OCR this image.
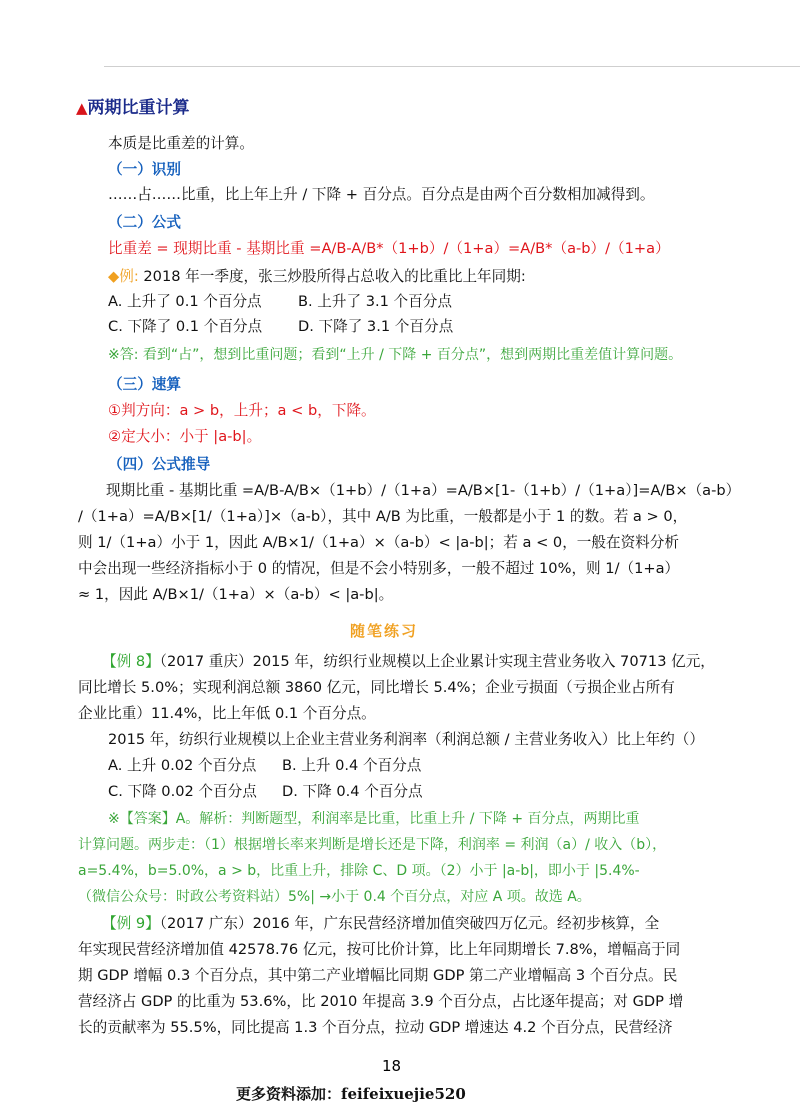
▲两期比重计算
本质是比重差的计算。
（一）识别
……占……比重，比上年上升 / 下降 + 百分点。百分点是由两个百分数相加减得到。
（二）公式
比重差 = 现期比重 - 基期比重 =A/B-A/B*（1+b）/（1+a）=A/B*（a-b）/（1+a）
◆例: 2018 年一季度，张三炒股所得占总收入的比重比上年同期:
A. 上升了 0.1 个百分点 B. 上升了 3.1 个百分点
C. 下降了 0.1 个百分点 D. 下降了 3.1 个百分点
※答: 看到“占”，想到比重问题；看到“上升 / 下降 + 百分点”，想到两期比重差值计算问题。
（三）速算
①判方向：a > b，上升；a < b，下降。
②定大小：小于 |a-b|。
（四）公式推导
现期比重 - 基期比重 =A/B-A/B×（1+b）/（1+a）=A/B×[1-（1+b）/（1+a）]=A/B×（a-b）
/（1+a）=A/B×[1/（1+a）]×（a-b），其中 A/B 为比重，一般都是小于 1 的数。若 a > 0，
则 1/（1+a）小于 1，因此 A/B×1/（1+a）×（a-b）< |a-b|；若 a < 0，一般在资料分析
中会出现一些经济指标小于 0 的情况，但是不会小特别多，一般不超过 10%，则 1/（1+a）
≈ 1，因此 A/B×1/（1+a）×（a-b）< |a-b|。
随笔练习
【例 8】（2017 重庆）2015 年，纺织行业规模以上企业累计实现主营业务收入 70713 亿元，
同比增长 5.0%；实现利润总额 3860 亿元，同比增长 5.4%；企业亏损面（亏损企业占所有
企业比重）11.4%，比上年低 0.1 个百分点。
2015 年，纺织行业规模以上企业主营业务利润率（利润总额 / 主营业务收入）比上年约（）
A. 上升 0.02 个百分点 B. 上升 0.4 个百分点
C. 下降 0.02 个百分点 D. 下降 0.4 个百分点
※【答案】A。解析：判断题型，利润率是比重，比重上升 / 下降 + 百分点，两期比重
计算问题。两步走：（1）根据增长率来判断是增长还是下降，利润率 = 利润（a）/ 收入（b），
a=5.4%，b=5.0%，a > b，比重上升，排除 C、D 项。（2）小于 |a-b|，即小于 |5.4%-
（微信公众号：时政公考资料站）5%| →小于 0.4 个百分点，对应 A 项。故选 A。
【例 9】（2017 广东）2016 年，广东民营经济增加值突破四万亿元。经初步核算，全
年实现民营经济增加值 42578.76 亿元，按可比价计算，比上年同期增长 7.8%，增幅高于同
期 GDP 增幅 0.3 个百分点，其中第二产业增幅比同期 GDP 第二产业增幅高 3 个百分点。民
营经济占 GDP 的比重为 53.6%，比 2010 年提高 3.9 个百分点，占比逐年提高；对 GDP 增
长的贡献率为 55.5%，同比提高 1.3 个百分点，拉动 GDP 增速达 4.2 个百分点，民营经济
18
更多资料添加：feifeixuejie520
